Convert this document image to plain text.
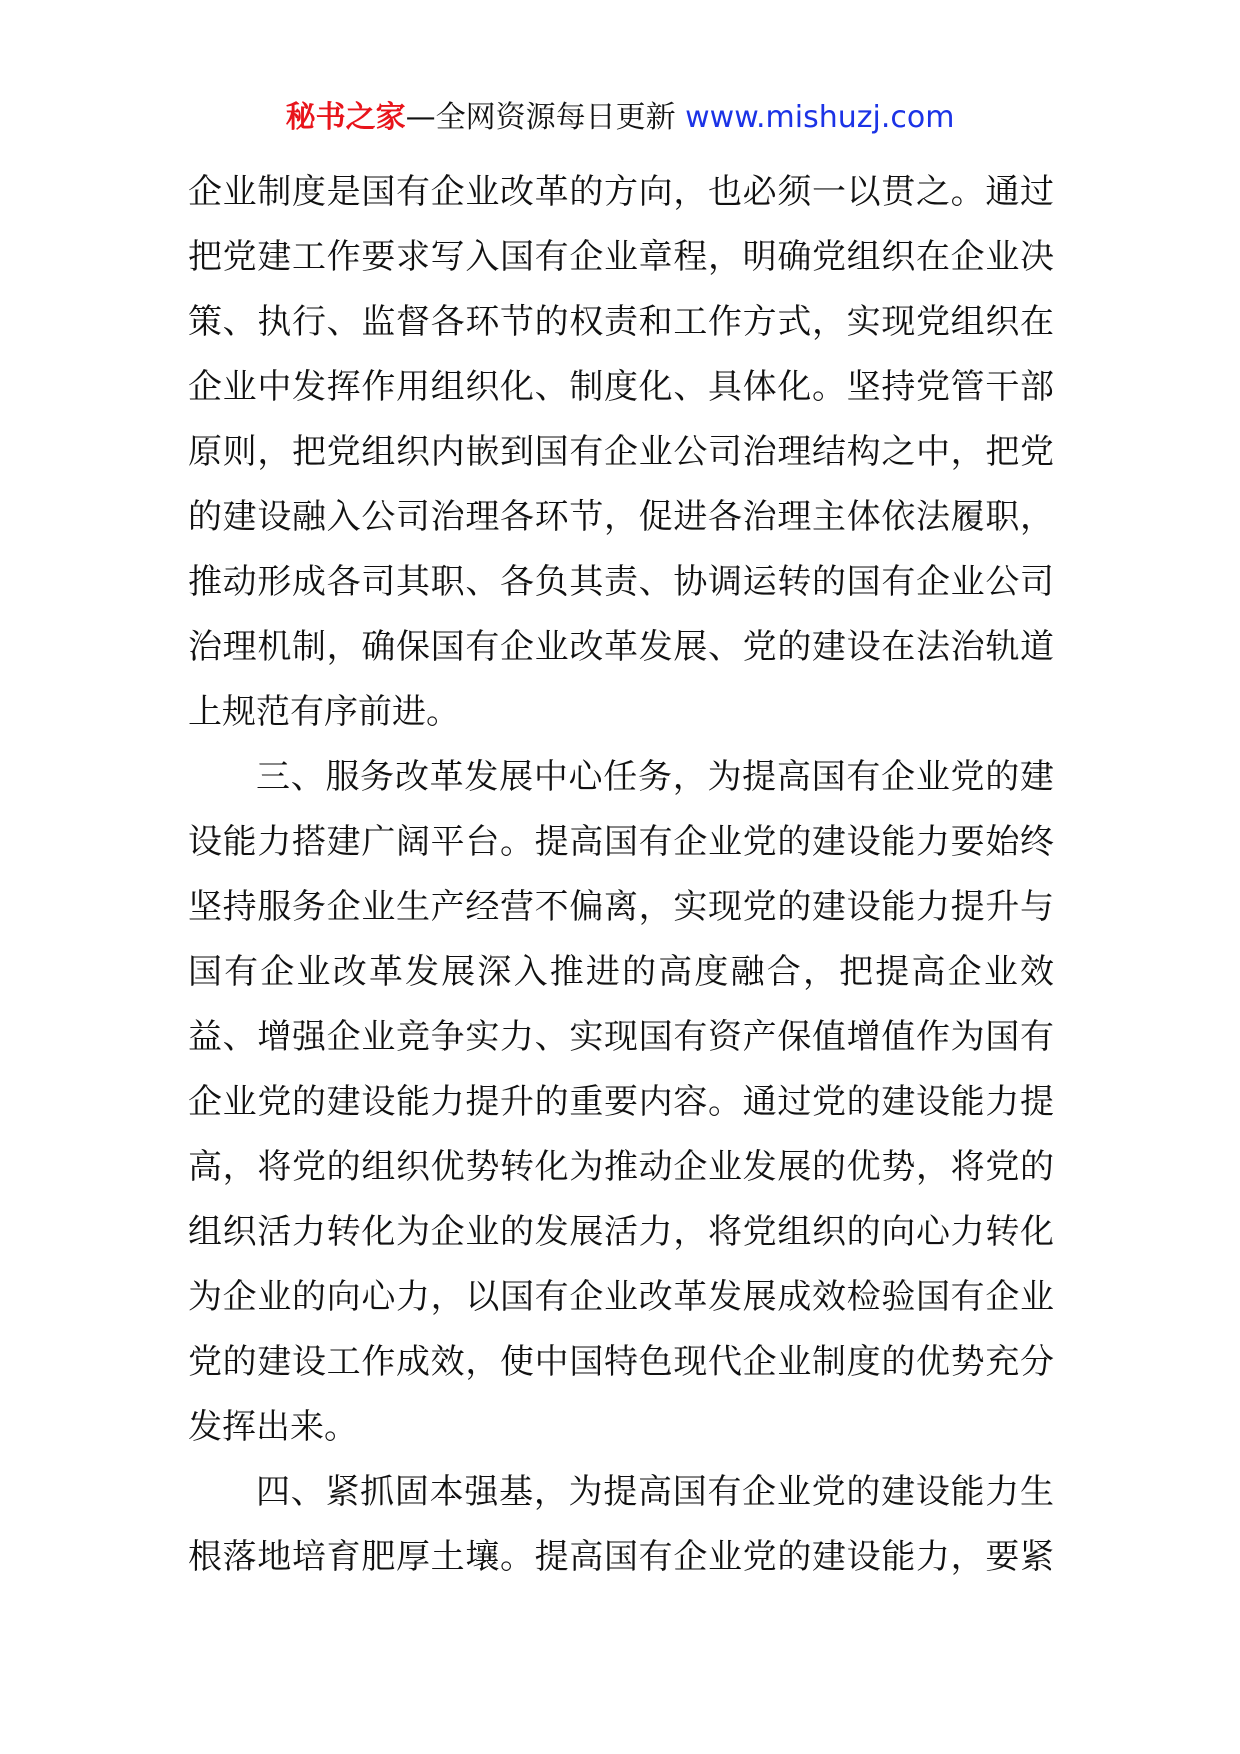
秘书之家—全网资源每日更新 www.mishuzj.com
企业制度是国有企业改革的方向，也必须一以贯之。通过
把党建工作要求写入国有企业章程，明确党组织在企业决
策、执行、监督各环节的权责和工作方式，实现党组织在
企业中发挥作用组织化、制度化、具体化。坚持党管干部
原则，把党组织内嵌到国有企业公司治理结构之中，把党
的建设融入公司治理各环节，促进各治理主体依法履职，
推动形成各司其职、各负其责、协调运转的国有企业公司
治理机制，确保国有企业改革发展、党的建设在法治轨道
上规范有序前进。
三、服务改革发展中心任务，为提高国有企业党的建
设能力搭建广阔平台。提高国有企业党的建设能力要始终
坚持服务企业生产经营不偏离，实现党的建设能力提升与
国有企业改革发展深入推进的高度融合，把提高企业效
益、增强企业竞争实力、实现国有资产保值增值作为国有
企业党的建设能力提升的重要内容。通过党的建设能力提
高，将党的组织优势转化为推动企业发展的优势，将党的
组织活力转化为企业的发展活力，将党组织的向心力转化
为企业的向心力，以国有企业改革发展成效检验国有企业
党的建设工作成效，使中国特色现代企业制度的优势充分
发挥出来。
四、紧抓固本强基，为提高国有企业党的建设能力生
根落地培育肥厚土壤。提高国有企业党的建设能力，要紧
